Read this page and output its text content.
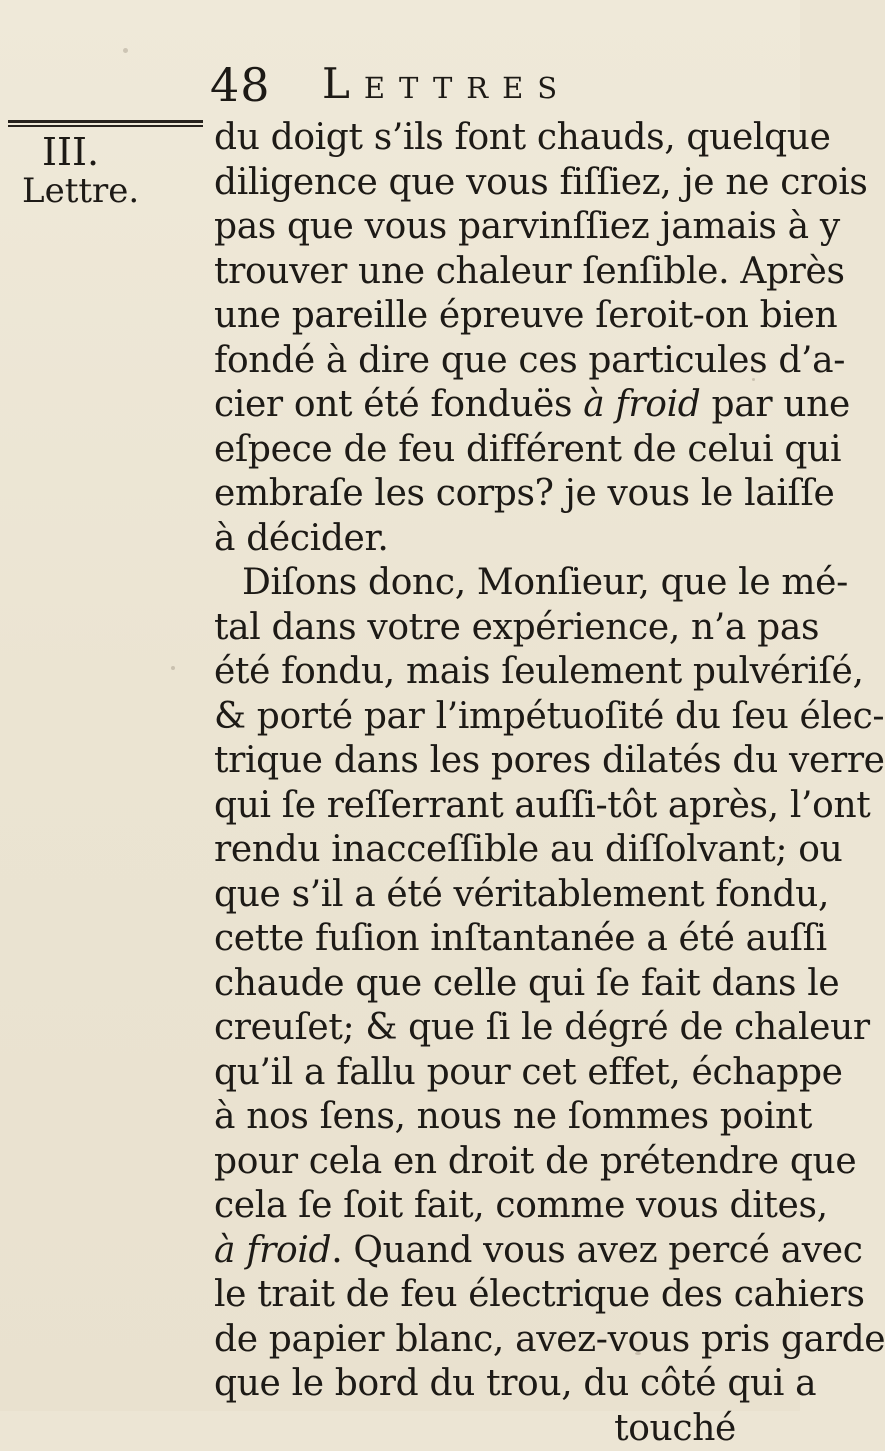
48 Lettres
III.
Lettre.
du doigt s’ils font chauds, quelque
diligence que vous fiſſiez, je ne crois
pas que vous parvinſſiez jamais à y
trouver une chaleur ſenſible. Après
une pareille épreuve ſeroit-on bien
fondé à dire que ces particules d’a-
cier ont été fonduës à froid par une
eſpece de feu différent de celui qui
embraſe les corps? je vous le laiſſe
à décider.
Diſons donc, Monſieur, que le mé-
tal dans votre expérience, n’a pas
été fondu, mais ſeulement pulvériſé,
& porté par l’impétuoſité du ſeu élec-
trique dans les pores dilatés du verre
qui ſe reſſerrant auſſi-tôt après, l’ont
rendu inacceſſible au diſſolvant; ou
que s’il a été véritablement fondu,
cette fuſion inſtantanée a été auſſi
chaude que celle qui ſe fait dans le
creuſet; & que ſi le dégré de chaleur
qu’il a fallu pour cet effet, échappe
à nos ſens, nous ne ſommes point
pour cela en droit de prétendre que
cela ſe ſoit fait, comme vous dites,
à froid. Quand vous avez percé avec
le trait de feu électrique des cahiers
de papier blanc, avez-vous pris garde
que le bord du trou, du côté qui a
touché
